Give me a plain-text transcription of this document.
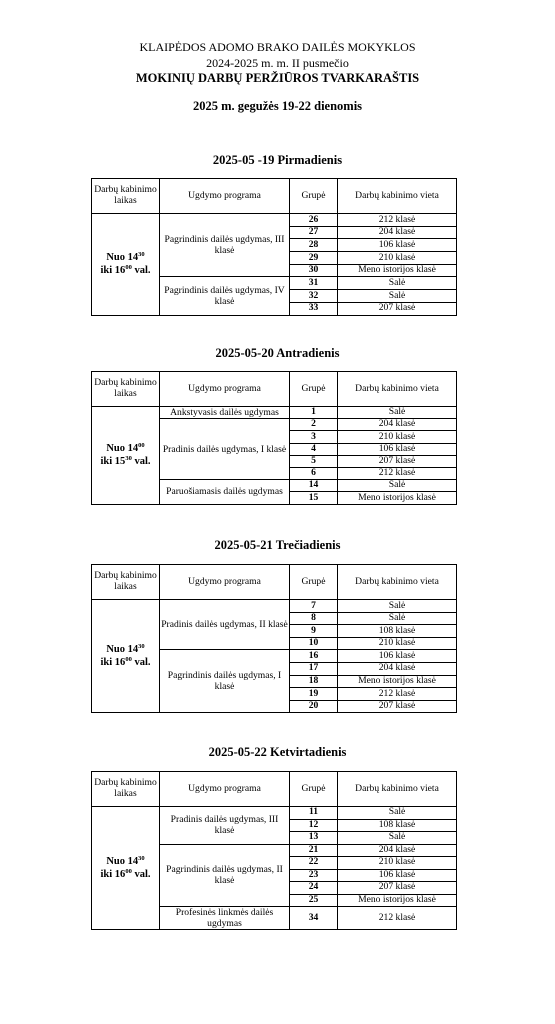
KLAIPĖDOS ADOMO BRAKO DAILĖS MOKYKLOS
2024-2025 m. m. II pusmečio
MOKINIŲ DARBŲ PERŽIŪROS TVARKARAŠTIS
2025 m. gegužės 19-22 dienomis
2025-05 -19 Pirmadienis
Darbų kabinimo laikas	Ugdymo programa	Grupė	Darbų kabinimo vieta
Nuo $14^{30}$
iki $16^{00}$ val.	Pagrindinis dailės ugdymas, III klasė	26	212 klasė
		27	204 klasė
		28	106 klasė
		29	210 klasė
		30	Meno istorijos klasė
	Pagrindinis dailės ugdymas, IV klasė	31	Salė
		32	Salė
		33	207 klasė
2025-05-20 Antradienis
Darbų kabinimo laikas	Ugdymo programa	Grupė	Darbų kabinimo vieta
Nuo $14^{00}$
iki $15^{30}$ val.	Ankstyvasis dailės ugdymas	1	Salė
	Pradinis dailės ugdymas, I klasė	2	204 klasė
		3	210 klasė
		4	106 klasė
		5	207 klasė
		6	212 klasė
	Paruošiamasis dailės ugdymas	14	Salė
		15	Meno istorijos klasė
2025-05-21 Trečiadienis
Darbų kabinimo laikas	Ugdymo programa	Grupė	Darbų kabinimo vieta
Nuo $14^{30}$
iki $16^{00}$ val.	Pradinis dailės ugdymas, II klasė	7	Salė
		8	Salė
		9	108 klasė
		10	210 klasė
	Pagrindinis dailės ugdymas, I klasė	16	106 klasė
		17	204 klasė
		18	Meno istorijos klasė
		19	212 klasė
		20	207 klasė
2025-05-22 Ketvirtadienis
Darbų kabinimo laikas	Ugdymo programa	Grupė	Darbų kabinimo vieta
Nuo $14^{30}$
iki $16^{00}$ val.	Pradinis dailės ugdymas, III klasė	11	Salė
		12	108 klasė
		13	Salė
	Pagrindinis dailės ugdymas, II klasė	21	204 klasė
		22	210 klasė
		23	106 klasė
		24	207 klasė
		25	Meno istorijos klasė
	Profesinės linkmės dailės ugdymas	34	212 klasė
